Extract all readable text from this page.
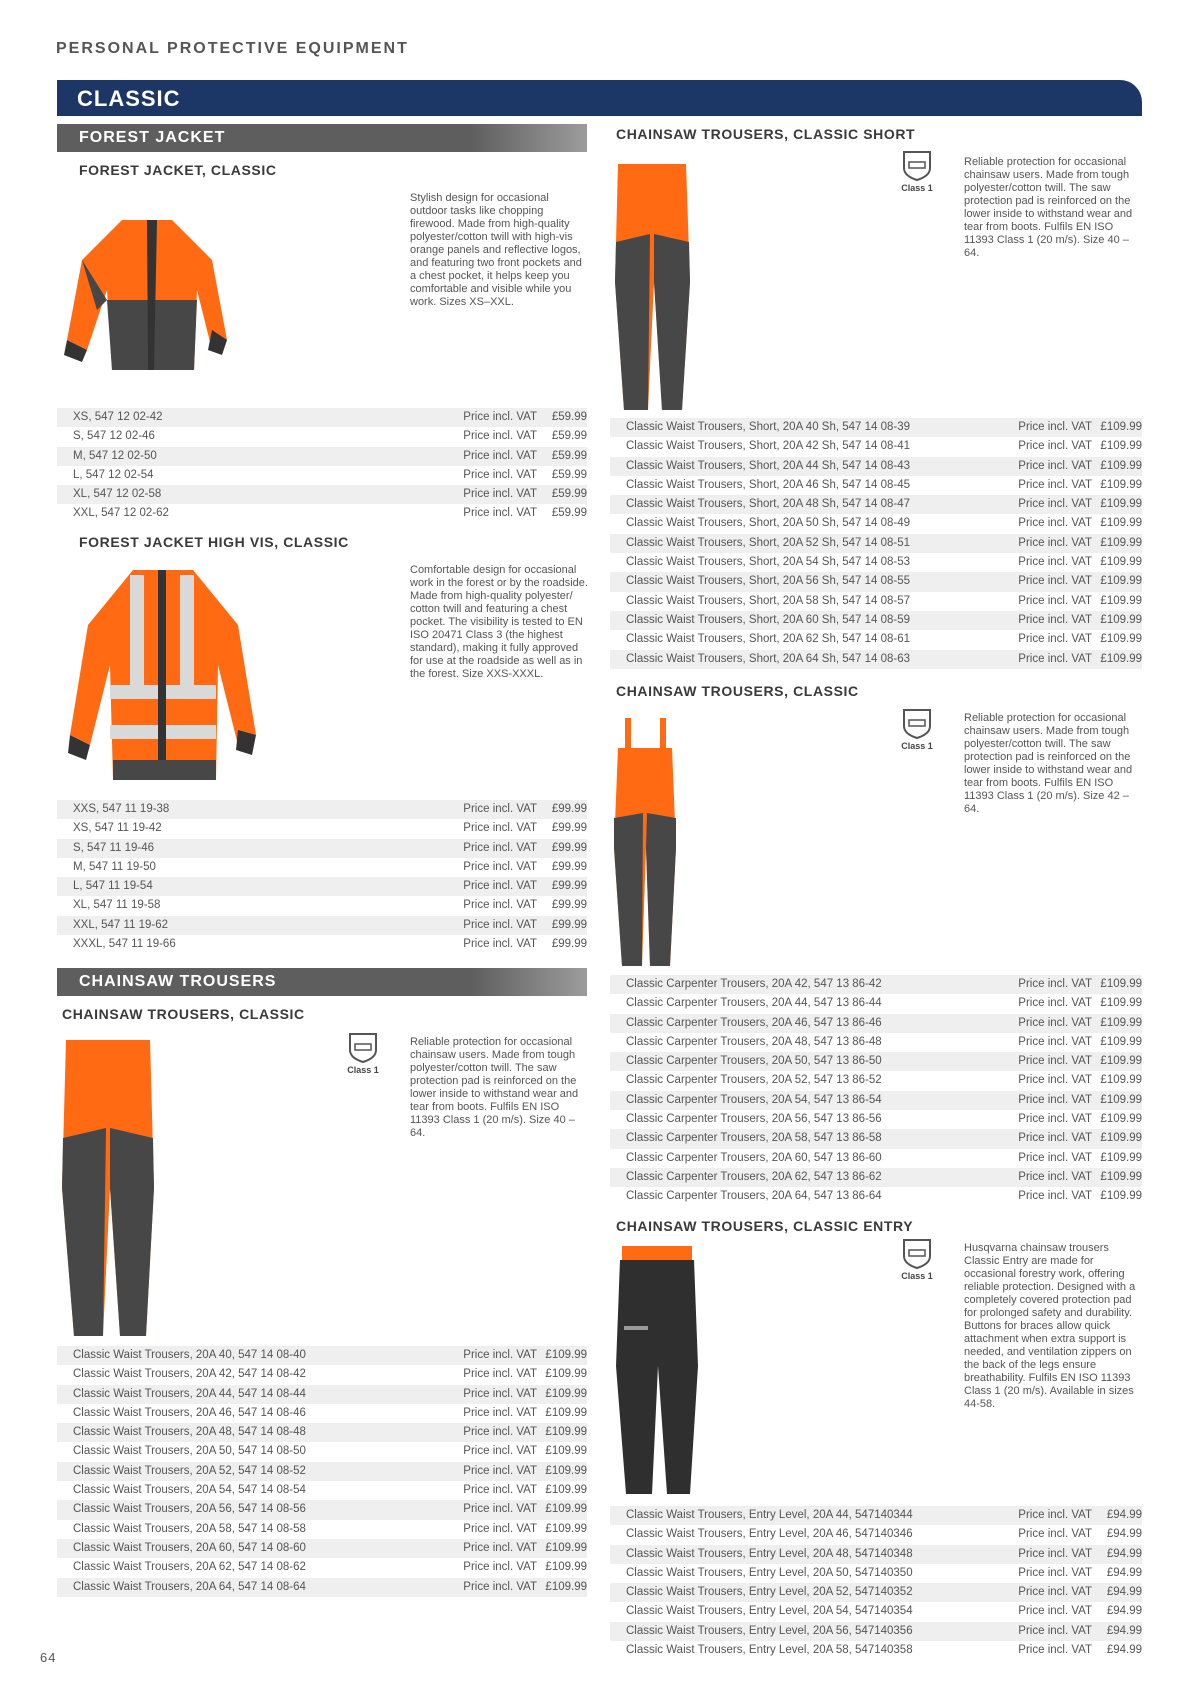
PERSONAL PROTECTIVE EQUIPMENT
CLASSIC
FOREST JACKET
FOREST JACKET, CLASSIC
Stylish design for occasional outdoor tasks like chopping firewood. Made from high-quality polyester/cotton twill with high-vis orange panels and reflective logos, and featuring two front pockets and a chest pocket, it helps keep you comfortable and visible while you work. Sizes XS–XXL.
XS, 547 12 02-42	Price incl. VAT £59.99
S, 547 12 02-46	Price incl. VAT £59.99
M, 547 12 02-50	Price incl. VAT £59.99
L, 547 12 02-54	Price incl. VAT £59.99
XL, 547 12 02-58	Price incl. VAT £59.99
XXL, 547 12 02-62	Price incl. VAT £59.99
FOREST JACKET HIGH VIS, CLASSIC
Comfortable design for occasional work in the forest or by the roadside. Made from high-quality polyester/ cotton twill and featuring a chest pocket. The visibility is tested to EN ISO 20471 Class 3 (the highest standard), making it fully approved for use at the roadside as well as in the forest. Size XXS-XXXL.
XXS, 547 11 19-38	Price incl. VAT £99.99
XS, 547 11 19-42	Price incl. VAT £99.99
S, 547 11 19-46	Price incl. VAT £99.99
M, 547 11 19-50	Price incl. VAT £99.99
L, 547 11 19-54	Price incl. VAT £99.99
XL, 547 11 19-58	Price incl. VAT £99.99
XXL, 547 11 19-62	Price incl. VAT £99.99
XXXL, 547 11 19-66	Price incl. VAT £99.99
CHAINSAW TROUSERS
CHAINSAW TROUSERS, CLASSIC
Class 1
Reliable protection for occasional chainsaw users. Made from tough polyester/cotton twill. The saw protection pad is reinforced on the lower inside to withstand wear and tear from boots. Fulfils EN ISO 11393 Class 1 (20 m/s). Size 40 – 64.
Classic Waist Trousers, 20A 40, 547 14 08-40	Price incl. VAT £109.99
Classic Waist Trousers, 20A 42, 547 14 08-42	Price incl. VAT £109.99
Classic Waist Trousers, 20A 44, 547 14 08-44	Price incl. VAT £109.99
Classic Waist Trousers, 20A 46, 547 14 08-46	Price incl. VAT £109.99
Classic Waist Trousers, 20A 48, 547 14 08-48	Price incl. VAT £109.99
Classic Waist Trousers, 20A 50, 547 14 08-50	Price incl. VAT £109.99
Classic Waist Trousers, 20A 52, 547 14 08-52	Price incl. VAT £109.99
Classic Waist Trousers, 20A 54, 547 14 08-54	Price incl. VAT £109.99
Classic Waist Trousers, 20A 56, 547 14 08-56	Price incl. VAT £109.99
Classic Waist Trousers, 20A 58, 547 14 08-58	Price incl. VAT £109.99
Classic Waist Trousers, 20A 60, 547 14 08-60	Price incl. VAT £109.99
Classic Waist Trousers, 20A 62, 547 14 08-62	Price incl. VAT £109.99
Classic Waist Trousers, 20A 64, 547 14 08-64	Price incl. VAT £109.99
CHAINSAW TROUSERS, CLASSIC SHORT
Class 1
Reliable protection for occasional chainsaw users. Made from tough polyester/cotton twill. The saw protection pad is reinforced on the lower inside to withstand wear and tear from boots. Fulfils EN ISO 11393 Class 1 (20 m/s). Size 40 – 64.
Classic Waist Trousers, Short, 20A 40 Sh, 547 14 08-39	Price incl. VAT £109.99
Classic Waist Trousers, Short, 20A 42 Sh, 547 14 08-41	Price incl. VAT £109.99
Classic Waist Trousers, Short, 20A 44 Sh, 547 14 08-43	Price incl. VAT £109.99
Classic Waist Trousers, Short, 20A 46 Sh, 547 14 08-45	Price incl. VAT £109.99
Classic Waist Trousers, Short, 20A 48 Sh, 547 14 08-47	Price incl. VAT £109.99
Classic Waist Trousers, Short, 20A 50 Sh, 547 14 08-49	Price incl. VAT £109.99
Classic Waist Trousers, Short, 20A 52 Sh, 547 14 08-51	Price incl. VAT £109.99
Classic Waist Trousers, Short, 20A 54 Sh, 547 14 08-53	Price incl. VAT £109.99
Classic Waist Trousers, Short, 20A 56 Sh, 547 14 08-55	Price incl. VAT £109.99
Classic Waist Trousers, Short, 20A 58 Sh, 547 14 08-57	Price incl. VAT £109.99
Classic Waist Trousers, Short, 20A 60 Sh, 547 14 08-59	Price incl. VAT £109.99
Classic Waist Trousers, Short, 20A 62 Sh, 547 14 08-61	Price incl. VAT £109.99
Classic Waist Trousers, Short, 20A 64 Sh, 547 14 08-63	Price incl. VAT £109.99
CHAINSAW TROUSERS, CLASSIC
Class 1
Reliable protection for occasional chainsaw users. Made from tough polyester/cotton twill. The saw protection pad is reinforced on the lower inside to withstand wear and tear from boots. Fulfils EN ISO 11393 Class 1 (20 m/s). Size 42 – 64.
Classic Carpenter Trousers, 20A 42, 547 13 86-42	Price incl. VAT £109.99
Classic Carpenter Trousers, 20A 44, 547 13 86-44	Price incl. VAT £109.99
Classic Carpenter Trousers, 20A 46, 547 13 86-46	Price incl. VAT £109.99
Classic Carpenter Trousers, 20A 48, 547 13 86-48	Price incl. VAT £109.99
Classic Carpenter Trousers, 20A 50, 547 13 86-50	Price incl. VAT £109.99
Classic Carpenter Trousers, 20A 52, 547 13 86-52	Price incl. VAT £109.99
Classic Carpenter Trousers, 20A 54, 547 13 86-54	Price incl. VAT £109.99
Classic Carpenter Trousers, 20A 56, 547 13 86-56	Price incl. VAT £109.99
Classic Carpenter Trousers, 20A 58, 547 13 86-58	Price incl. VAT £109.99
Classic Carpenter Trousers, 20A 60, 547 13 86-60	Price incl. VAT £109.99
Classic Carpenter Trousers, 20A 62, 547 13 86-62	Price incl. VAT £109.99
Classic Carpenter Trousers, 20A 64, 547 13 86-64	Price incl. VAT £109.99
CHAINSAW TROUSERS, CLASSIC ENTRY
Class 1
Husqvarna chainsaw trousers Classic Entry are made for occasional forestry work, offering reliable protection. Designed with a completely covered protection pad for prolonged safety and durability. Buttons for braces allow quick attachment when extra support is needed, and ventilation zippers on the back of the legs ensure breathability. Fulfils EN ISO 11393 Class 1 (20 m/s). Available in sizes 44-58.
Classic Waist Trousers, Entry Level, 20A 44, 547140344	Price incl. VAT £94.99
Classic Waist Trousers, Entry Level, 20A 46, 547140346	Price incl. VAT £94.99
Classic Waist Trousers, Entry Level, 20A 48, 547140348	Price incl. VAT £94.99
Classic Waist Trousers, Entry Level, 20A 50, 547140350	Price incl. VAT £94.99
Classic Waist Trousers, Entry Level, 20A 52, 547140352	Price incl. VAT £94.99
Classic Waist Trousers, Entry Level, 20A 54, 547140354	Price incl. VAT £94.99
Classic Waist Trousers, Entry Level, 20A 56, 547140356	Price incl. VAT £94.99
Classic Waist Trousers, Entry Level, 20A 58, 547140358	Price incl. VAT £94.99
64
